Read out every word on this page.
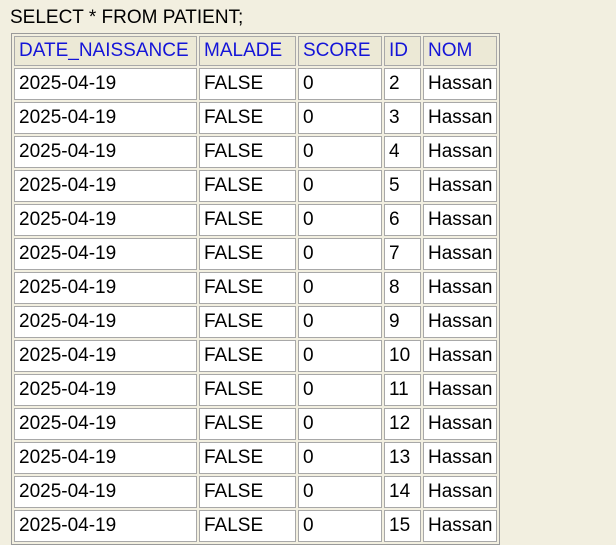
SELECT * FROM PATIENT;
DATE_NAISSANCE	MALADE	SCORE	ID	NOM
2025-04-19	FALSE	0	2	Hassan
2025-04-19	FALSE	0	3	Hassan
2025-04-19	FALSE	0	4	Hassan
2025-04-19	FALSE	0	5	Hassan
2025-04-19	FALSE	0	6	Hassan
2025-04-19	FALSE	0	7	Hassan
2025-04-19	FALSE	0	8	Hassan
2025-04-19	FALSE	0	9	Hassan
2025-04-19	FALSE	0	10	Hassan
2025-04-19	FALSE	0	11	Hassan
2025-04-19	FALSE	0	12	Hassan
2025-04-19	FALSE	0	13	Hassan
2025-04-19	FALSE	0	14	Hassan
2025-04-19	FALSE	0	15	Hassan
